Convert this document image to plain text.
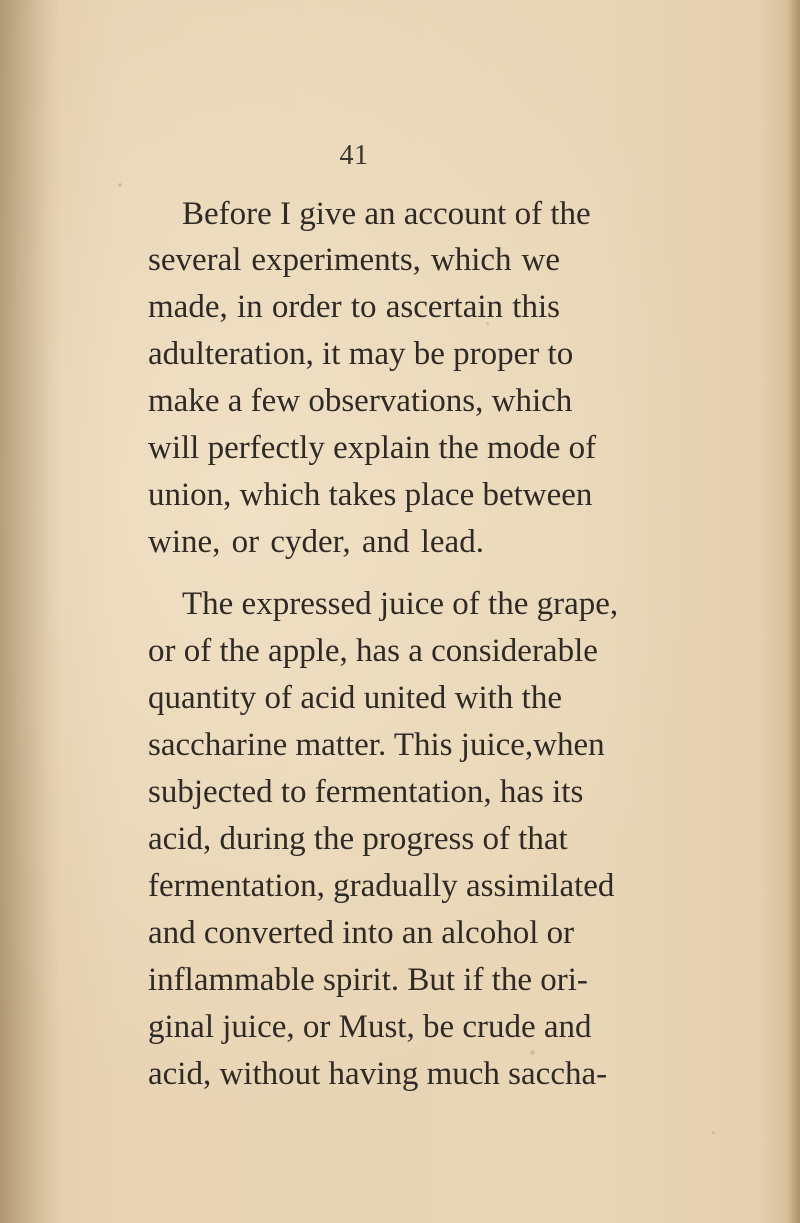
41
Before I give an account of the
several experiments, which we
made, in order to ascertain this
adulteration, it may be proper to
make a few observations, which
will perfectly explain the mode of
union, which takes place between
wine, or cyder, and lead.
The expressed juice of the grape,
or of the apple, has a considerable
quantity of acid united with the
saccharine matter. This juice,when
subjected to fermentation, has its
acid, during the progress of that
fermentation, gradually assimilated
and converted into an alcohol or
inflammable spirit. But if the ori-
ginal juice, or Must, be crude and
acid, without having much saccha-
